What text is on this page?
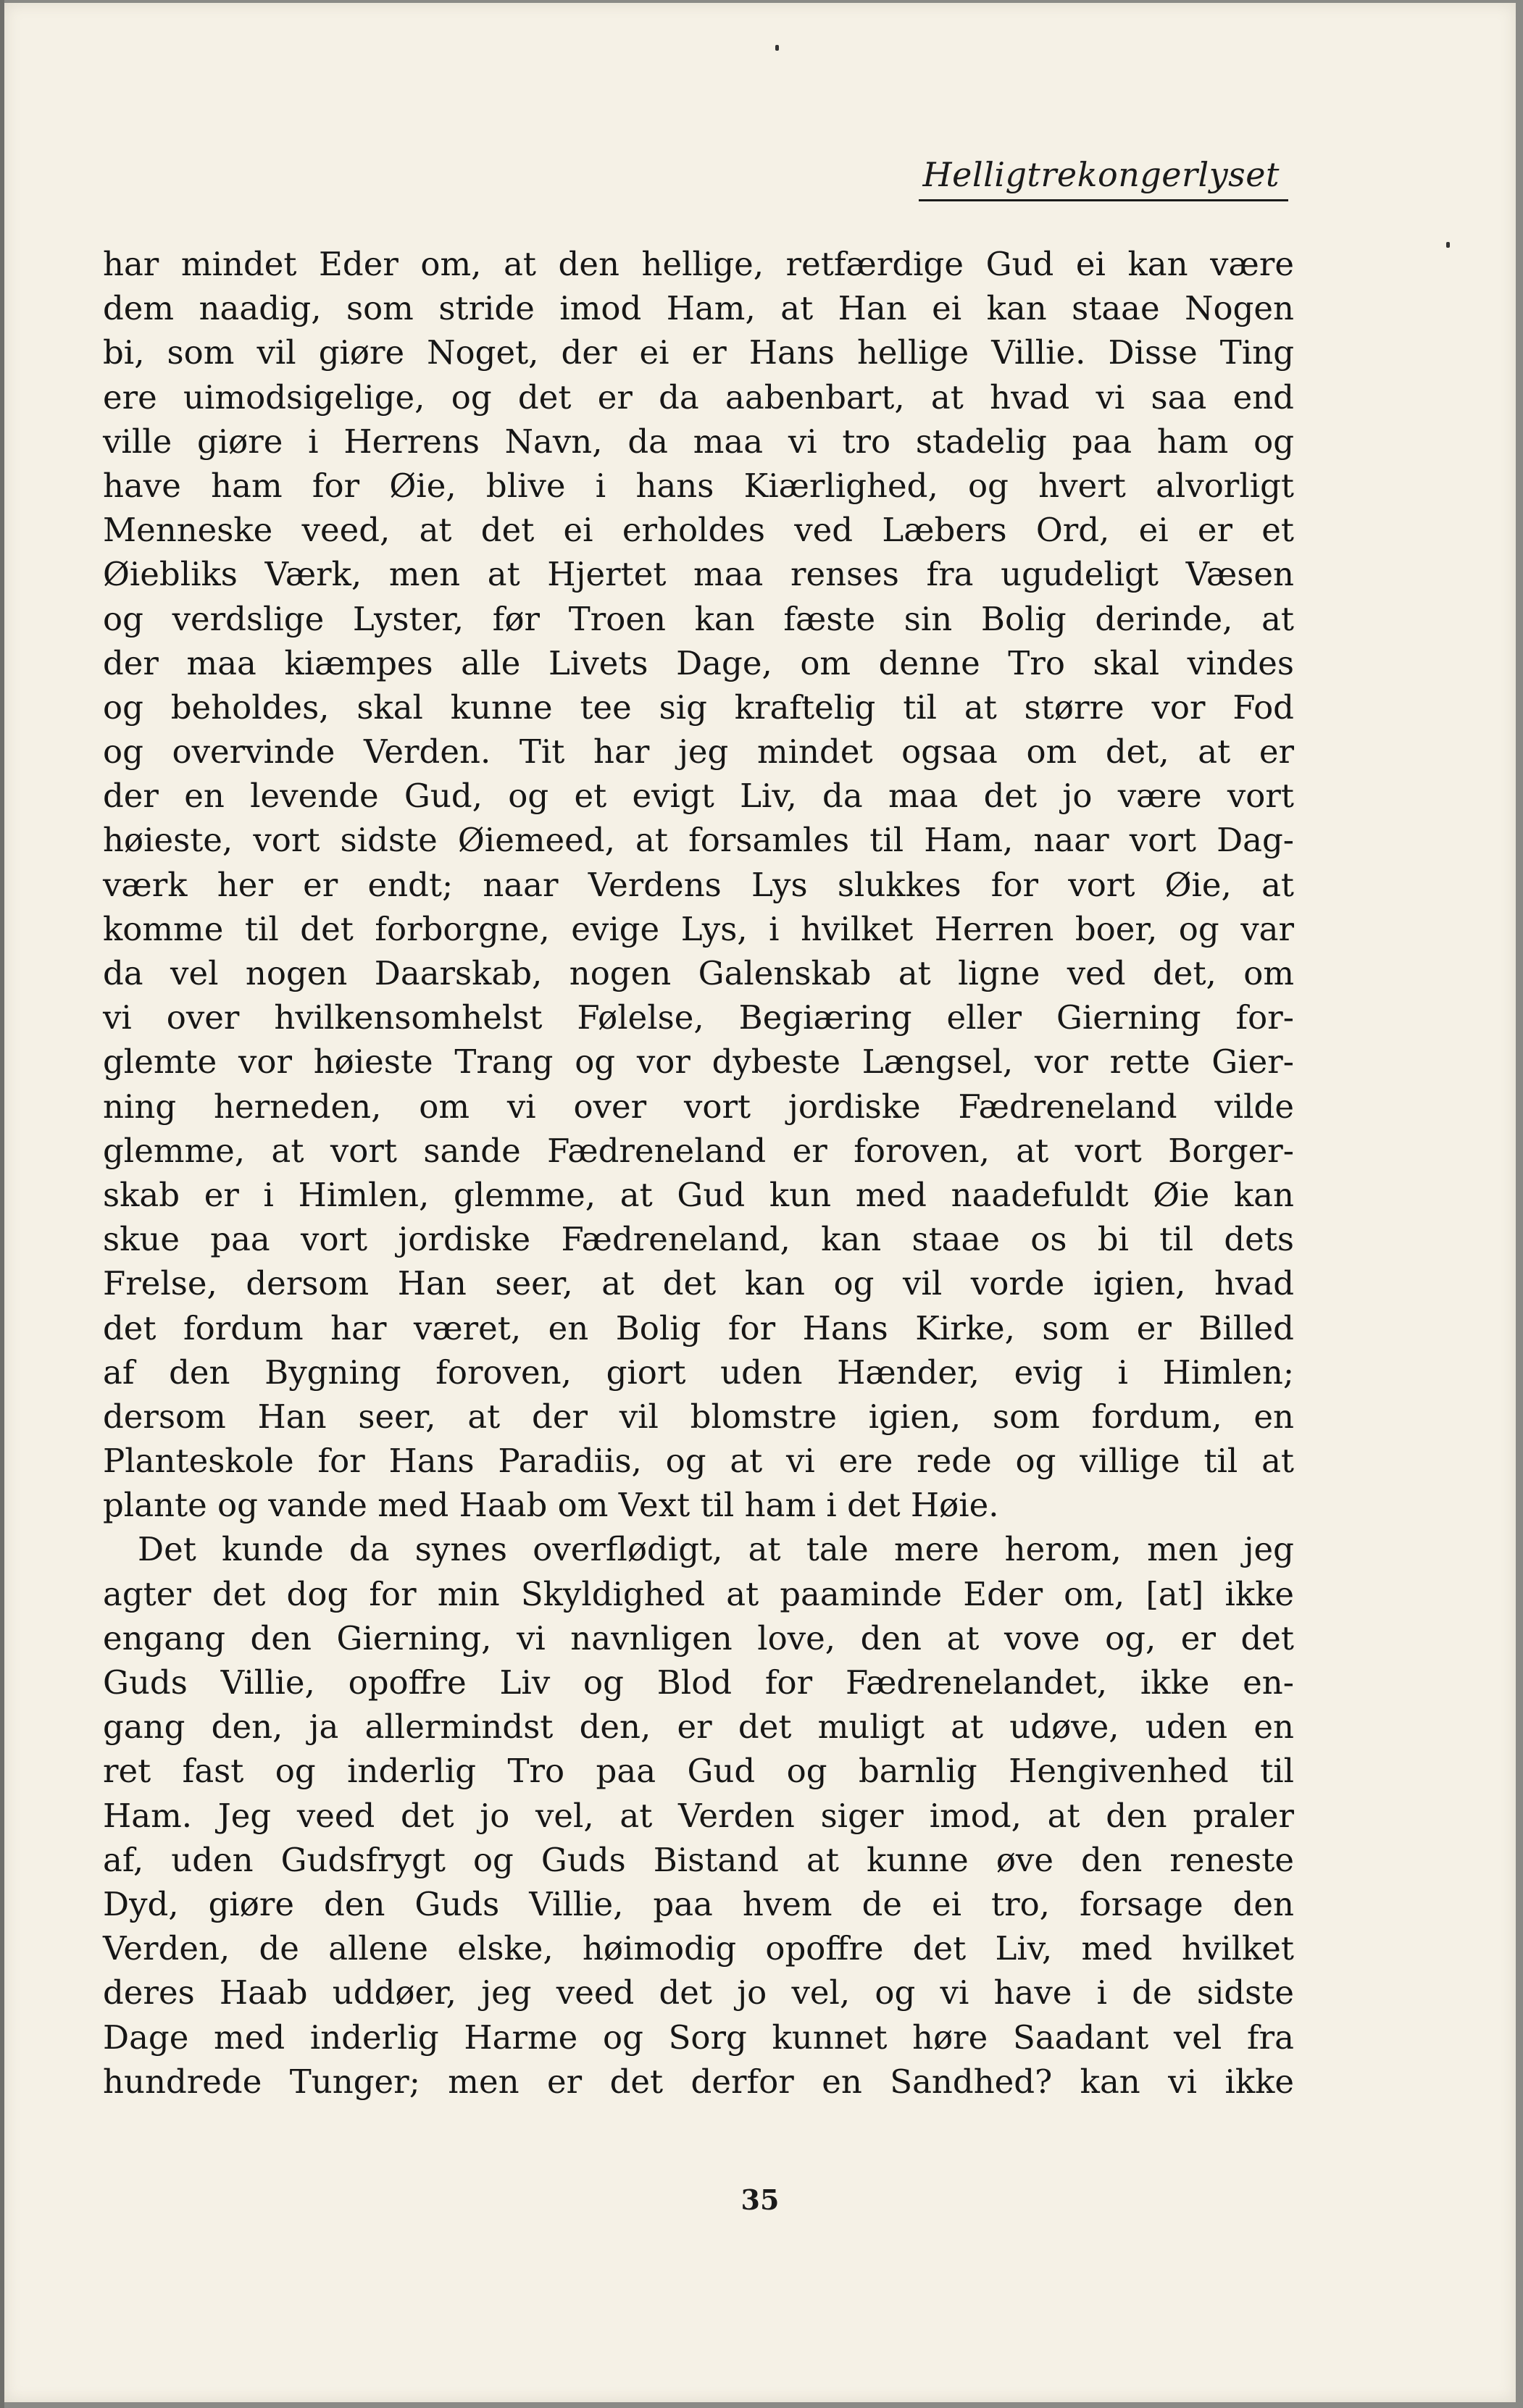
Helligtrekongerlyset
har mindet Eder om, at den hellige, retfærdige Gud ei kan være
dem naadig, som stride imod Ham, at Han ei kan staae Nogen
bi, som vil giøre Noget, der ei er Hans hellige Villie. Disse Ting
ere uimodsigelige, og det er da aabenbart, at hvad vi saa end
ville giøre i Herrens Navn, da maa vi tro stadelig paa ham og
have ham for Øie, blive i hans Kiærlighed, og hvert alvorligt
Menneske veed, at det ei erholdes ved Læbers Ord, ei er et
Øiebliks Værk, men at Hjertet maa renses fra ugudeligt Væsen
og verdslige Lyster, før Troen kan fæste sin Bolig derinde, at
der maa kiæmpes alle Livets Dage, om denne Tro skal vindes
og beholdes, skal kunne tee sig kraftelig til at større vor Fod
og overvinde Verden. Tit har jeg mindet ogsaa om det, at er
der en levende Gud, og et evigt Liv, da maa det jo være vort
høieste, vort sidste Øiemeed, at forsamles til Ham, naar vort Dag-
værk her er endt; naar Verdens Lys slukkes for vort Øie, at
komme til det forborgne, evige Lys, i hvilket Herren boer, og var
da vel nogen Daarskab, nogen Galenskab at ligne ved det, om
vi over hvilkensomhelst Følelse, Begiæring eller Gierning for-
glemte vor høieste Trang og vor dybeste Længsel, vor rette Gier-
ning herneden, om vi over vort jordiske Fædreneland vilde
glemme, at vort sande Fædreneland er foroven, at vort Borger-
skab er i Himlen, glemme, at Gud kun med naadefuldt Øie kan
skue paa vort jordiske Fædreneland, kan staae os bi til dets
Frelse, dersom Han seer, at det kan og vil vorde igien, hvad
det fordum har været, en Bolig for Hans Kirke, som er Billed
af den Bygning foroven, giort uden Hænder, evig i Himlen;
dersom Han seer, at der vil blomstre igien, som fordum, en
Planteskole for Hans Paradiis, og at vi ere rede og villige til at
plante og vande med Haab om Vext til ham i det Høie.
Det kunde da synes overflødigt, at tale mere herom, men jeg
agter det dog for min Skyldighed at paaminde Eder om, [at] ikke
engang den Gierning, vi navnligen love, den at vove og, er det
Guds Villie, opoffre Liv og Blod for Fædrenelandet, ikke en-
gang den, ja allermindst den, er det muligt at udøve, uden en
ret fast og inderlig Tro paa Gud og barnlig Hengivenhed til
Ham. Jeg veed det jo vel, at Verden siger imod, at den praler
af, uden Gudsfrygt og Guds Bistand at kunne øve den reneste
Dyd, giøre den Guds Villie, paa hvem de ei tro, forsage den
Verden, de allene elske, høimodig opoffre det Liv, med hvilket
deres Haab uddøer, jeg veed det jo vel, og vi have i de sidste
Dage med inderlig Harme og Sorg kunnet høre Saadant vel fra
hundrede Tunger; men er det derfor en Sandhed? kan vi ikke
35
